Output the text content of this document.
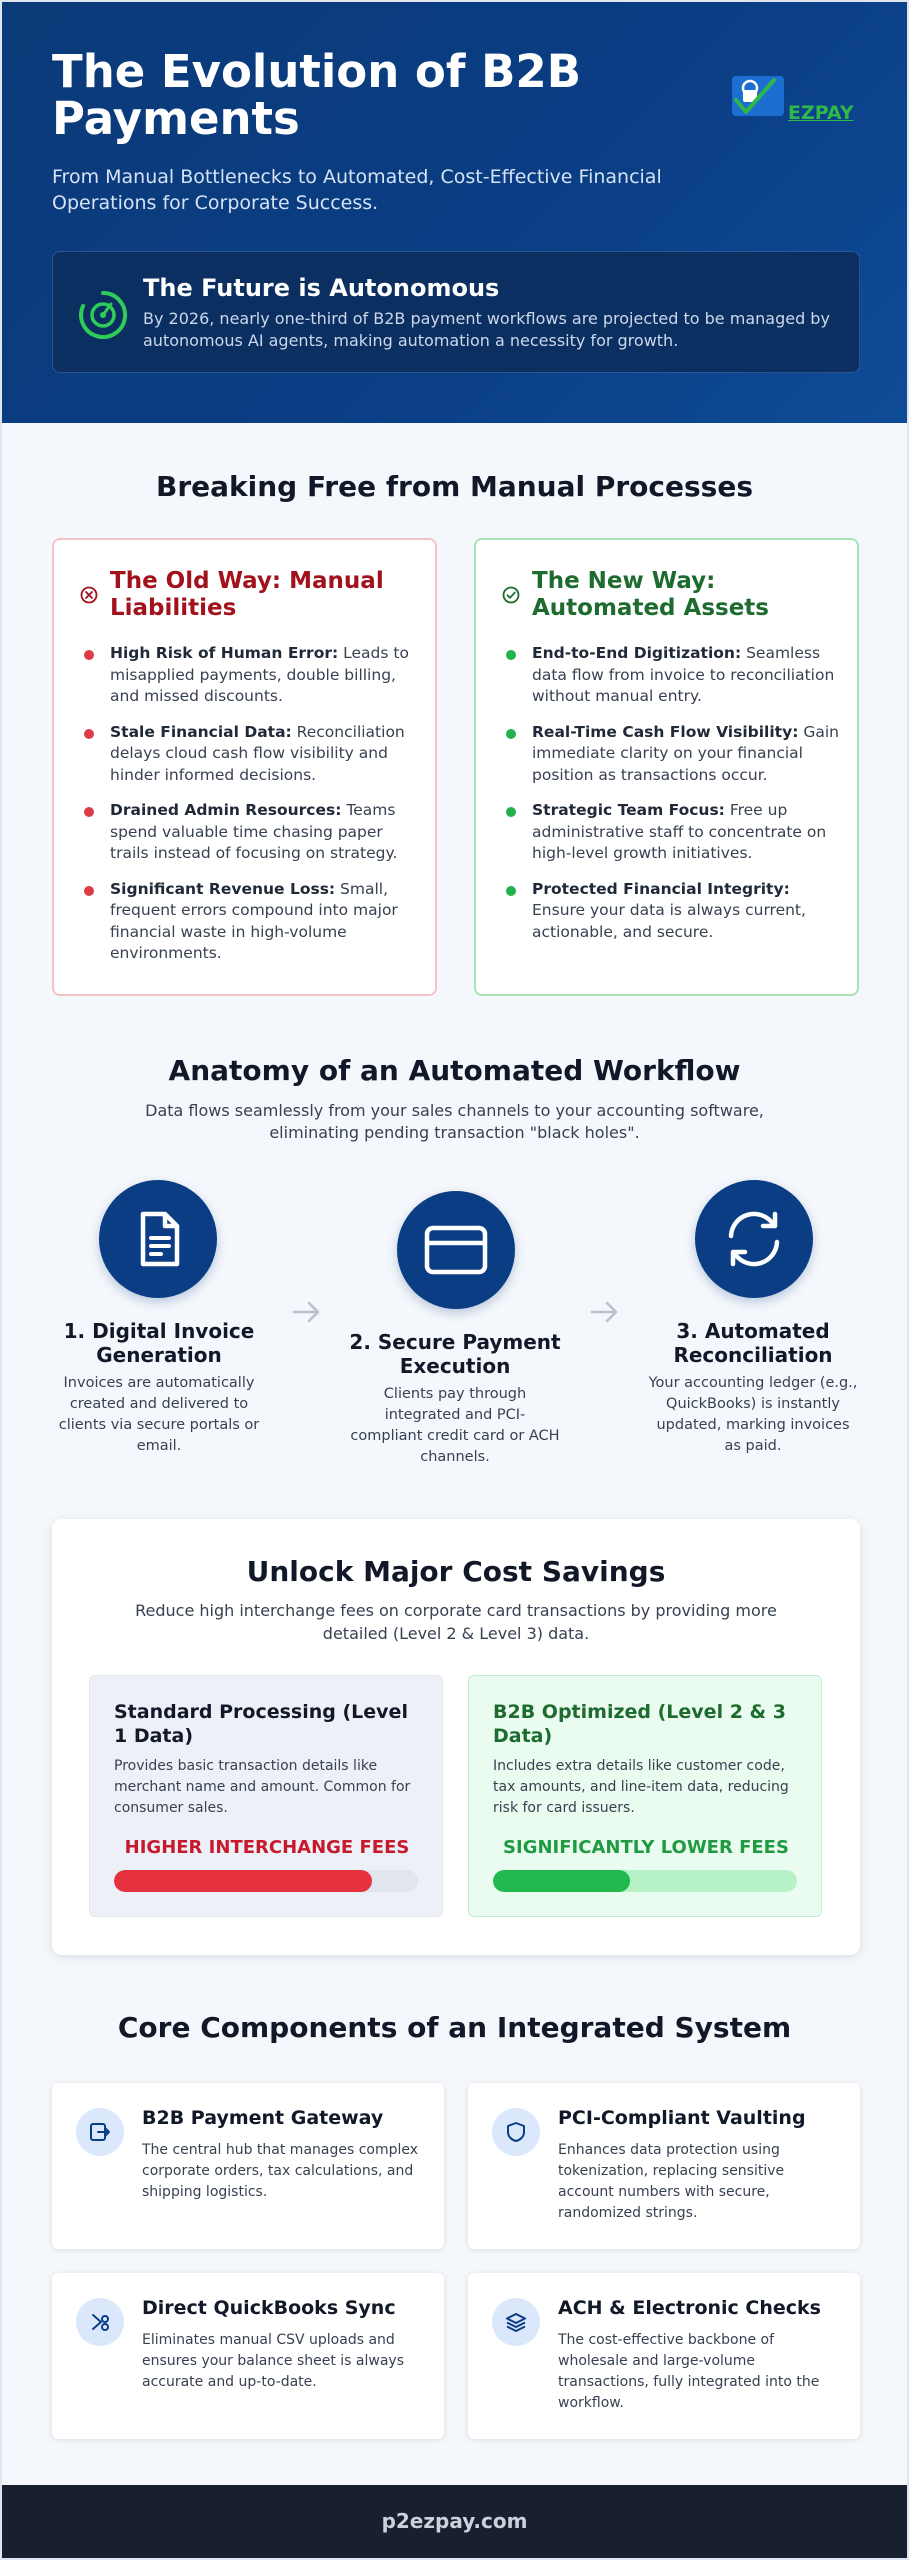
The Evolution of B2B Payments
From Manual Bottlenecks to Automated, Cost-Effective Financial Operations for Corporate Success.
EZPAY
The Future is Autonomous
By 2026, nearly one-third of B2B payment workflows are projected to be managed by autonomous AI agents, making automation a necessity for growth.
Breaking Free from Manual Processes
The Old Way: Manual Liabilities
High Risk of Human Error: Leads to misapplied payments, double billing, and missed discounts.
Stale Financial Data: Reconciliation delays cloud cash flow visibility and hinder informed decisions.
Drained Admin Resources: Teams spend valuable time chasing paper trails instead of focusing on strategy.
Significant Revenue Loss: Small, frequent errors compound into major financial waste in high-volume environments.
The New Way: Automated Assets
End-to-End Digitization: Seamless data flow from invoice to reconciliation without manual entry.
Real-Time Cash Flow Visibility: Gain immediate clarity on your financial position as transactions occur.
Strategic Team Focus: Free up administrative staff to concentrate on high-level growth initiatives.
Protected Financial Integrity: Ensure your data is always current, actionable, and secure.
Anatomy of an Automated Workflow
Data flows seamlessly from your sales channels to your accounting software, eliminating pending transaction "black holes".
1. Digital Invoice Generation
Invoices are automatically created and delivered to clients via secure portals or email.
2. Secure Payment Execution
Clients pay through integrated and PCI-compliant credit card or ACH channels.
3. Automated Reconciliation
Your accounting ledger (e.g., QuickBooks) is instantly updated, marking invoices as paid.
Unlock Major Cost Savings
Reduce high interchange fees on corporate card transactions by providing more detailed (Level 2 & Level 3) data.
Standard Processing (Level 1 Data)
Provides basic transaction details like merchant name and amount. Common for consumer sales.
HIGHER INTERCHANGE FEES
B2B Optimized (Level 2 & 3 Data)
Includes extra details like customer code, tax amounts, and line-item data, reducing risk for card issuers.
SIGNIFICANTLY LOWER FEES
Core Components of an Integrated System
B2B Payment Gateway
The central hub that manages complex corporate orders, tax calculations, and shipping logistics.
PCI-Compliant Vaulting
Enhances data protection using tokenization, replacing sensitive account numbers with secure, randomized strings.
Direct QuickBooks Sync
Eliminates manual CSV uploads and ensures your balance sheet is always accurate and up-to-date.
ACH & Electronic Checks
The cost-effective backbone of wholesale and large-volume transactions, fully integrated into the workflow.
p2ezpay.com
